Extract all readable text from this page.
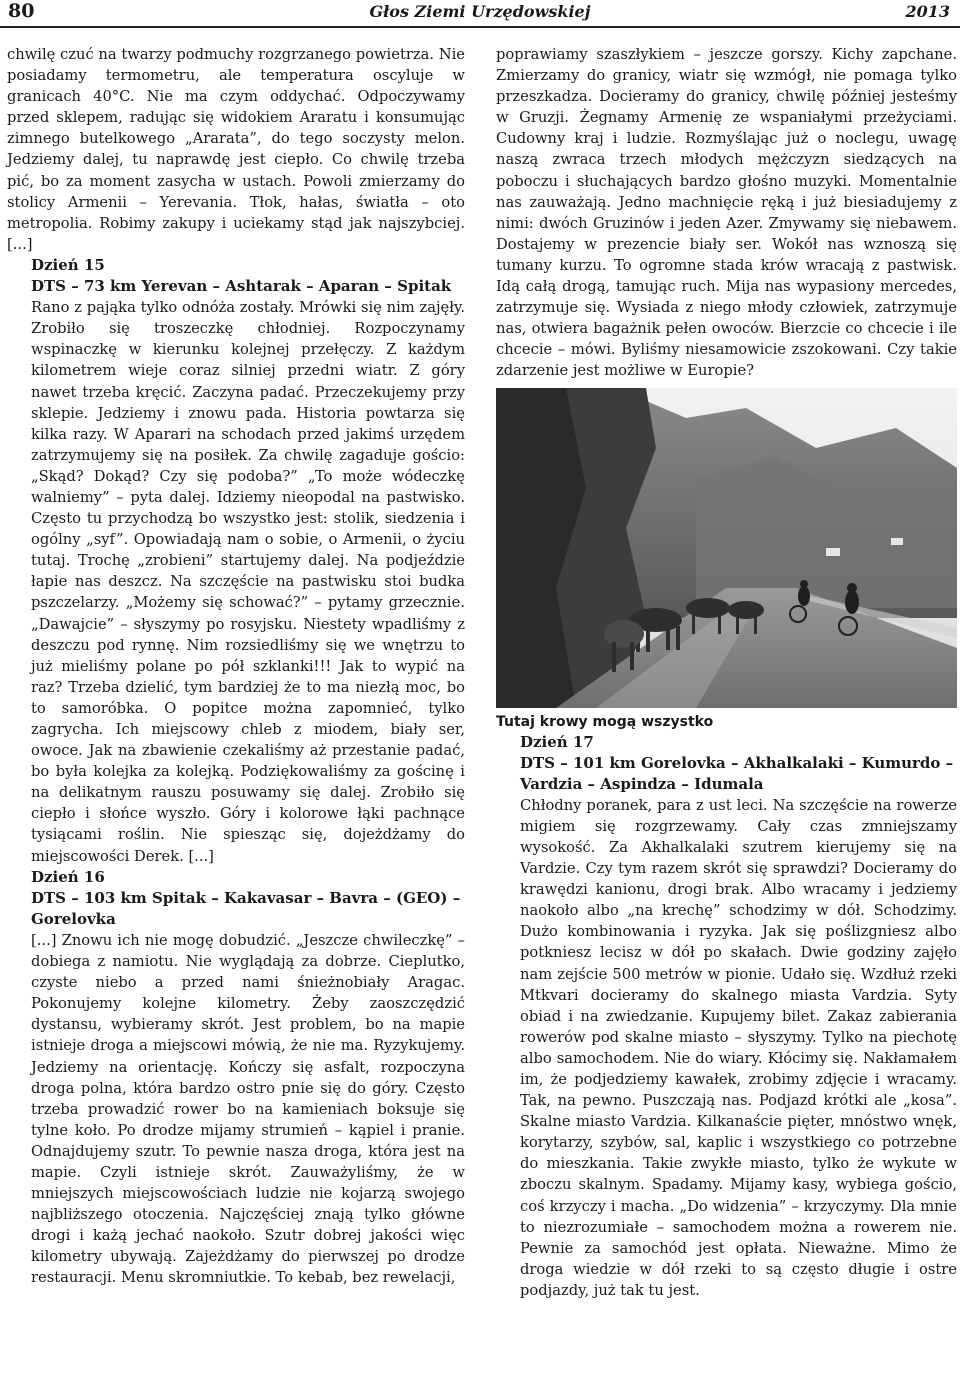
80	Głos Ziemi Urzędowskiej	2013

chwilę czuć na twarzy podmuchy rozgrzanego powietrza. Nie posiadamy termometru, ale temperatura oscyluje w granicach 40°C. Nie ma czym oddychać. Odpoczywamy przed sklepem, radując się widokiem Araratu i konsumując zimnego butelkowego „Ararata”, do tego soczysty melon. Jedziemy dalej, tu naprawdę jest ciepło. Co chwilę trzeba pić, bo za moment zasycha w ustach. Powoli zmierzamy do stolicy Armenii – Yerevania. Tłok, hałas, światła – oto metropolia. Robimy zakupy i uciekamy stąd jak najszybciej. [...]

Dzień 15

DTS – 73 km Yerevan – Ashtarak – Aparan – Spitak

Rano z pająka tylko odnóża zostały. Mrówki się nim zajęły. Zrobiło się troszeczkę chłodniej. Rozpoczynamy wspinaczkę w kierunku kolejnej przełęczy. Z każdym kilometrem wieje coraz silniej przedni wiatr. Z góry nawet trzeba kręcić. Zaczyna padać. Przeczekujemy przy sklepie. Jedziemy i znowu pada. Historia powtarza się kilka razy. W Aparari na schodach przed jakimś urzędem zatrzymujemy się na posiłek. Za chwilę zagaduje gościo: „Skąd? Dokąd? Czy się podoba?” „To może wódeczkę walniemy” – pyta dalej. Idziemy nieopodal na pastwisko. Często tu przychodzą bo wszystko jest: stolik, siedzenia i ogólny „syf”. Opowiadają nam o sobie, o Armenii, o życiu tutaj. Trochę „zrobieni” startujemy dalej. Na podjeździe łapie nas deszcz. Na szczęście na pastwisku stoi budka pszczelarzy. „Możemy się schować?” – pytamy grzecznie. „Dawajcie” – słyszymy po rosyjsku. Niestety wpadliśmy z deszczu pod rynnę. Nim rozsiedliśmy się we wnętrzu to już mieliśmy polane po pół szklanki!!! Jak to wypić na raz? Trzeba dzielić, tym bardziej że to ma niezłą moc, bo to samoróbka. O popitce można zapomnieć, tylko zagrycha. Ich miejscowy chleb z miodem, biały ser, owoce. Jak na zbawienie czekaliśmy aż przestanie padać, bo była kolejka za kolejką. Podziękowaliśmy za gościnę i na delikatnym rauszu posuwamy się dalej. Zrobiło się ciepło i słońce wyszło. Góry i kolorowe łąki pachnące tysiącami roślin. Nie spiesząc się, dojeżdżamy do miejscowości Derek. [...]

Dzień 16

DTS – 103 km Spitak – Kakavasar – Bavra – (GEO) – Gorelovka

[...] Znowu ich nie mogę dobudzić. „Jeszcze chwileczkę” – dobiega z namiotu. Nie wyglądają za dobrze. Cieplutko, czyste niebo a przed nami śnieżnobiały Aragac. Pokonujemy kolejne kilometry. Żeby zaoszczędzić dystansu, wybieramy skrót. Jest problem, bo na mapie istnieje droga a miejscowi mówią, że nie ma. Ryzykujemy. Jedziemy na orientację. Kończy się asfalt, rozpoczyna droga polna, która bardzo ostro pnie się do góry. Często trzeba prowadzić rower bo na kamieniach boksuje się tylne koło. Po drodze mijamy strumień – kąpiel i pranie. Odnajdujemy szutr. To pewnie nasza droga, która jest na mapie. Czyli istnieje skrót. Zauważyliśmy, że w mniejszych miejscowościach ludzie nie kojarzą swojego najbliższego otoczenia. Najczęściej znają tylko główne drogi i każą jechać naokoło. Szutr dobrej jakości więc kilometry ubywają. Zajeżdżamy do pierwszej po drodze restauracji. Menu skromniutkie. To kebab, bez rewelacji,

poprawiamy szaszłykiem – jeszcze gorszy. Kichy zapchane. Zmierzamy do granicy, wiatr się wzmógł, nie pomaga tylko przeszkadza. Docieramy do granicy, chwilę później jesteśmy w Gruzji. Żegnamy Armenię ze wspaniałymi przeżyciami. Cudowny kraj i ludzie. Rozmyślając już o noclegu, uwagę naszą zwraca trzech młodych mężczyzn siedzących na poboczu i słuchających bardzo głośno muzyki. Momentalnie nas zauważają. Jedno machnięcie ręką i już biesiadujemy z nimi: dwóch Gruzinów i jeden Azer. Zmywamy się niebawem. Dostajemy w prezencie biały ser. Wokół nas wznoszą się tumany kurzu. To ogromne stada krów wracają z pastwisk. Idą całą drogą, tamując ruch. Mija nas wypasiony mercedes, zatrzymuje się. Wysiada z niego młody człowiek, zatrzymuje nas, otwiera bagażnik pełen owoców. Bierzcie co chcecie i ile chcecie – mówi. Byliśmy niesamowicie zszokowani. Czy takie zdarzenie jest możliwe w Europie?

Tutaj krowy mogą wszystko

Dzień 17

DTS – 101 km Gorelovka – Akhalkalaki – Kumurdo – Vardzia – Aspindza – Idumala

Chłodny poranek, para z ust leci. Na szczęście na rowerze migiem się rozgrzewamy. Cały czas zmniejszamy wysokość. Za Akhalkalaki szutrem kierujemy się na Vardzie. Czy tym razem skrót się sprawdzi? Docieramy do krawędzi kanionu, drogi brak. Albo wracamy i jedziemy naokoło albo „na krechę” schodzimy w dół. Schodzimy. Dużo kombinowania i ryzyka. Jak się poślizgniesz albo potkniesz lecisz w dół po skałach. Dwie godziny zajęło nam zejście 500 metrów w pionie. Udało się. Wzdłuż rzeki Mtkvari docieramy do skalnego miasta Vardzia. Syty obiad i na zwiedzanie. Kupujemy bilet. Zakaz zabierania rowerów pod skalne miasto – słyszymy. Tylko na piechotę albo samochodem. Nie do wiary. Kłócimy się. Nakłamałem im, że podjedziemy kawałek, zrobimy zdjęcie i wracamy. Tak, na pewno. Puszczają nas. Podjazd krótki ale „kosa”. Skalne miasto Vardzia. Kilkanaście pięter, mnóstwo wnęk, korytarzy, szybów, sal, kaplic i wszystkiego co potrzebne do mieszkania. Takie zwykłe miasto, tylko że wykute w zboczu skalnym. Spadamy. Mijamy kasy, wybiega gościo, coś krzyczy i macha. „Do widzenia” – krzyczymy. Dla mnie to niezrozumiałe – samochodem można a rowerem nie. Pewnie za samochód jest opłata. Nieważne. Mimo że droga wiedzie w dół rzeki to są często długie i ostre podjazdy, już tak tu jest.
